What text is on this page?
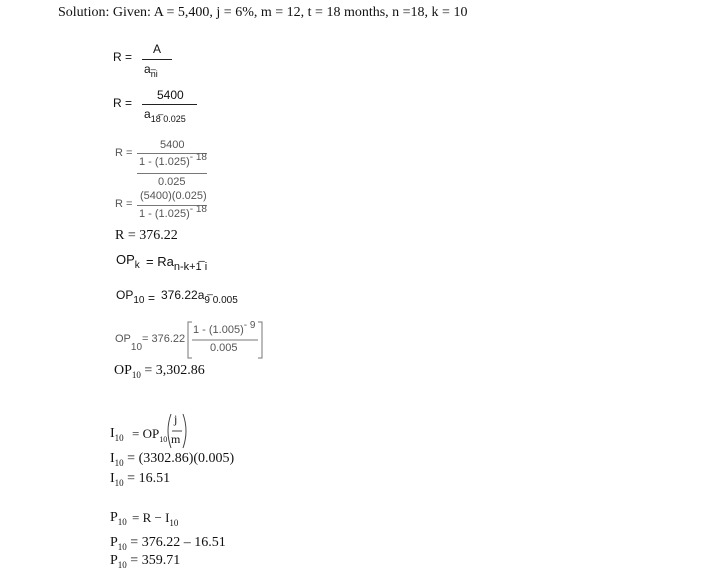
Solution: Given: A = 5,400, j = 6%, m = 12, t = 18 months, n =18, k = 10
R =
A
$a_{n̅i}$
R =
5400
$a_{18̅ 0.025}$
R =
5400
1 - (1.025)- 18
0.025
R =
(5400)(0.025)
1 - (1.025)- 18
R = 376.22
$OP_k = Ra_{n-k+1̅ i}$
$OP_{10} = 376.22a_{9̅ 0.005}$
OP10
= 376.22
1 - (1.005)- 9
0.005
$OP_{10} = 3,302.86$
$I_{10} = OP_{10}$
j
m
$I_{10} = (3302.86)(0.005)$
$I_{10} = 16.51$
$P_{10} = R - I_{10}$
$P_{10} = 376.22 - 16.51$
$P_{10} = 359.71$
